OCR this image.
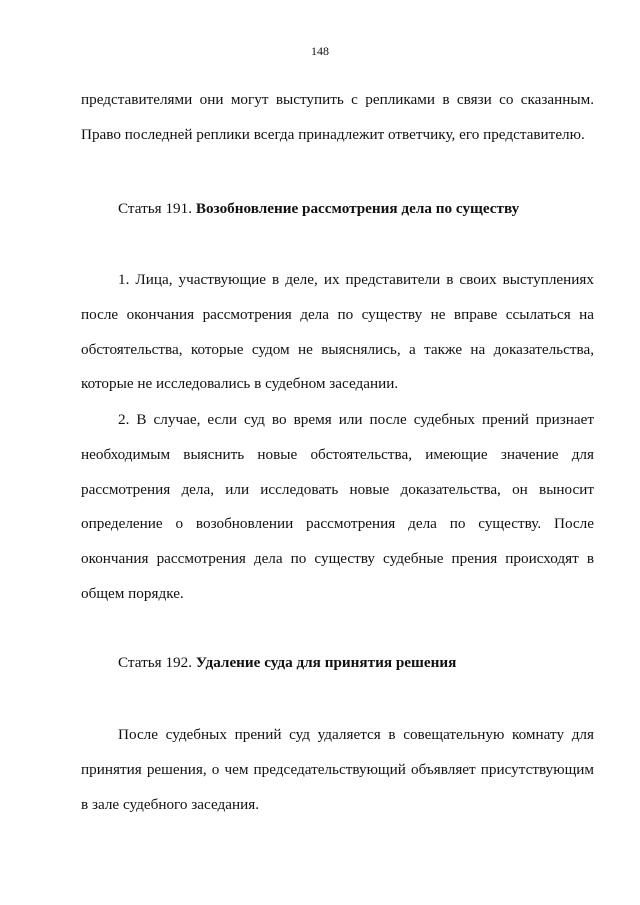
148

представителями они могут выступить с репликами в связи со сказанным. Право последней реплики всегда принадлежит ответчику, его представителю.

Статья 191. Возобновление рассмотрения дела по существу

1. Лица, участвующие в деле, их представители в своих выступлениях после окончания рассмотрения дела по существу не вправе ссылаться на обстоятельства, которые судом не выяснялись, а также на доказательства, которые не исследовались в судебном заседании.

2. В случае, если суд во время или после судебных прений признает необходимым выяснить новые обстоятельства, имеющие значение для рассмотрения дела, или исследовать новые доказательства, он выносит определение о возобновлении рассмотрения дела по существу. После окончания рассмотрения дела по существу судебные прения происходят в общем порядке.

Статья 192. Удаление суда для принятия решения

После судебных прений суд удаляется в совещательную комнату для принятия решения, о чем председательствующий объявляет присутствующим в зале судебного заседания.
